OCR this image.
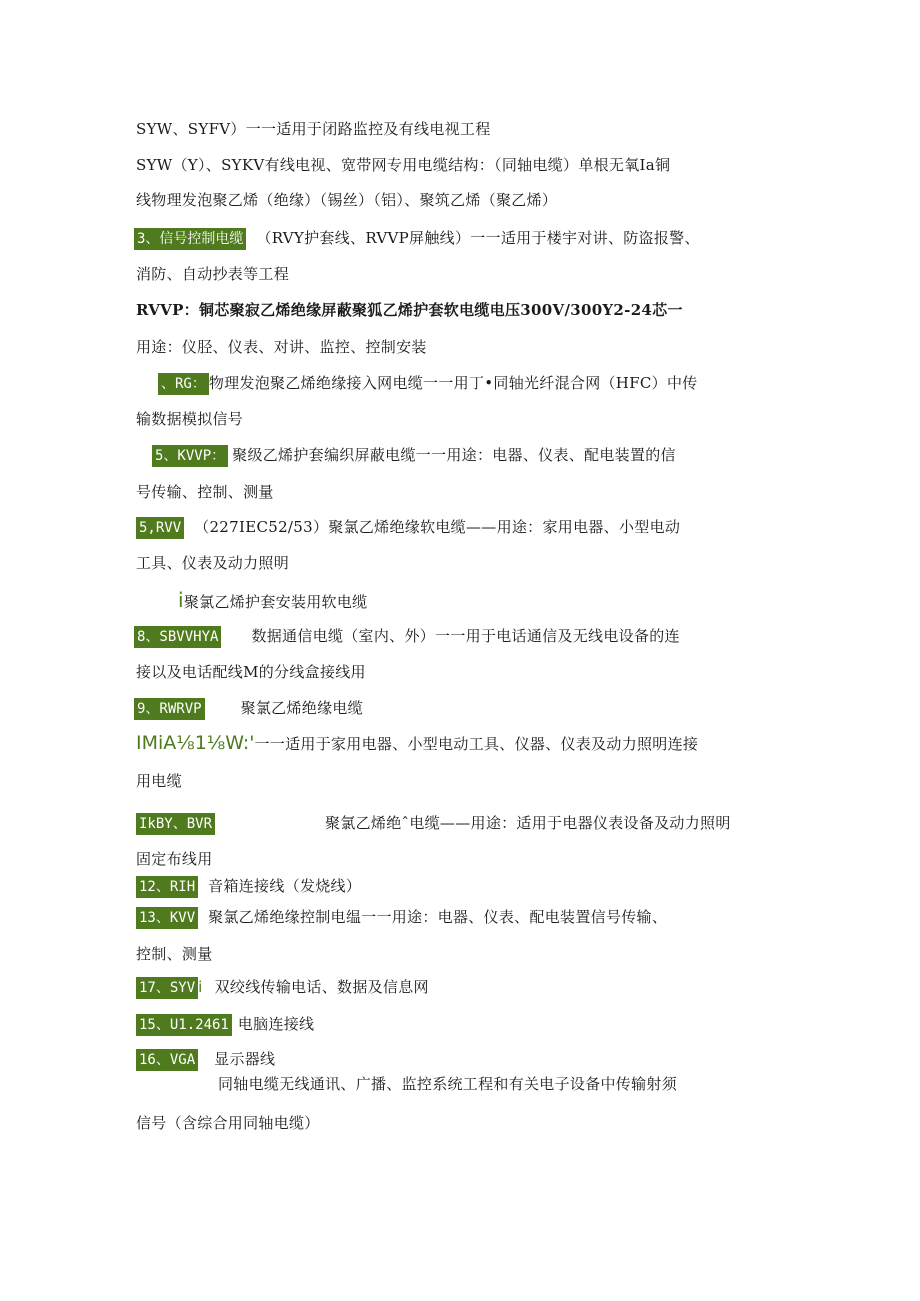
SYW、SYFV）一一适用于闭路监控及有线电视工程
SYW（Y）、SYKV有线电视、宽带网专用电缆结构：（同轴电缆）单根无氧Ia铜
线物理发泡聚乙烯（绝缘）（锡丝）（铝）、聚筑乙烯（聚乙烯）
3、信号控制电缆 （RVY护套线、RVVP屏触线）一一适用于楼宇对讲、防盗报警、
消防、自动抄表等工程
RVVP：铜芯聚寂乙烯绝缘屏蔽聚狐乙烯护套软电缆电压300V/300Y2-24芯一
用途：仪胫、仪表、对讲、监控、控制安装
、RG： 物理发泡聚乙烯绝缘接入网电缆一一用丁•同轴光纤混合网（HFC）中传
输数据模拟信号
5、KVVP： 聚级乙烯护套编织屏蔽电缆一一用途：电器、仪表、配电装置的信
号传输、控制、测量
5,RVV （227IEC52/53）聚氯乙烯绝缘软电缆——用途：家用电器、小型电动
工具、仪表及动力照明
i聚氯乙烯护套安装用软电缆
8、SBVVHYA 数据通信电缆（室内、外）一一用于电话通信及无线电设备的连
接以及电话配线M的分线盒接线用
9、RWRVP	聚氯乙烯绝缘电缆
IMiA⅛1⅛W:'一一适用于家用电器、小型电动工具、仪器、仪表及动力照明连接
用电缆
IkBY、BVR	聚氯乙烯绝ˆ电缆——用途：适用于电器仪表设备及动力照明
固定布线用
12、RIH 音箱连接线（发烧线）
13、KVV 聚氯乙烯绝缘控制电缊一一用途：电器、仪表、配电装置信号传输、
控制、测量
17、SYV i 双绞线传输电话、数据及信息网
15、U1.2461 电脑连接线
16、VGA 显示器线
同轴电缆无线通讯、广播、监控系统工程和有关电子设备中传输射须
信号（含综合用同轴电缆）
